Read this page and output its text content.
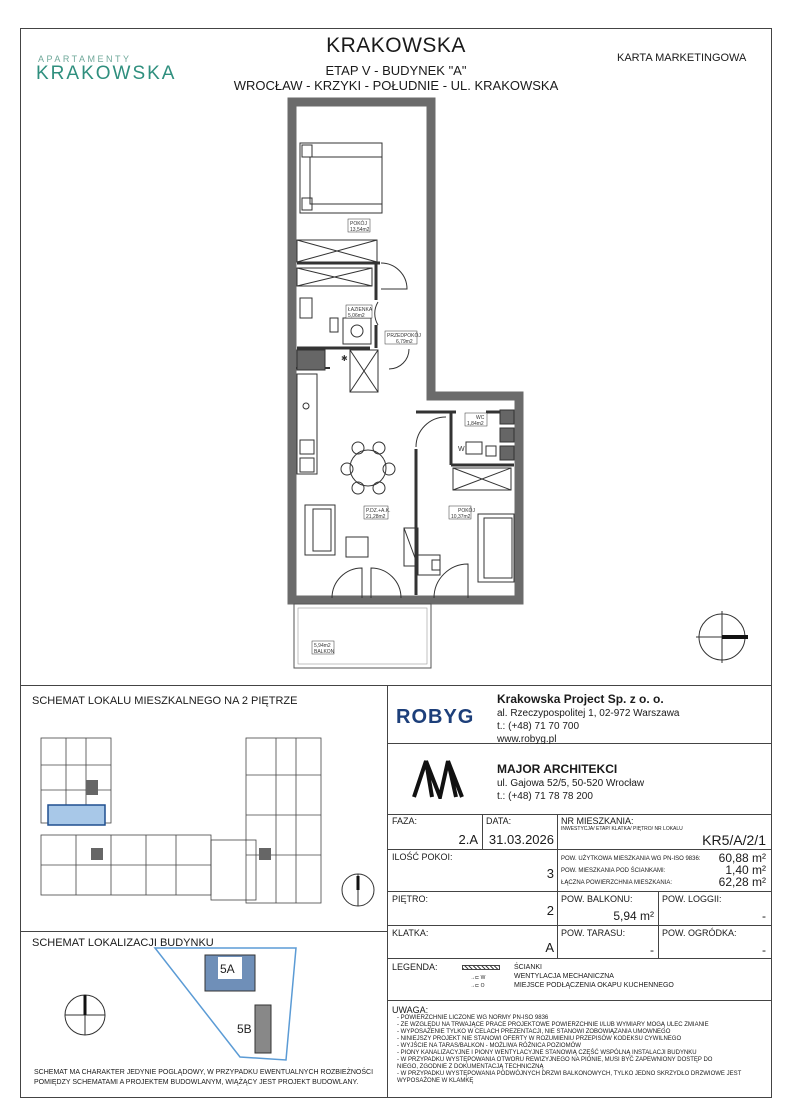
APARTAMENTY
KRAKOWSKA
KRAKOWSKA
ETAP V - BUDYNEK "A"
WROCŁAW - KRZYKI - POŁUDNIE - UL. KRAKOWSKA
KARTA MARKETINGOWA
✱
W
POKÓJ
13,54m2
ŁAZIENKA
5,06m2
PRZEDPOKÓJ
6,79m2
WC
1,84m2
P.DZ.+A.K.
21,28m2
POKÓJ
10,37m2
5,94m2
BALKON
SCHEMAT LOKALU MIESZKALNEGO NA 2 PIĘTRZE
SCHEMAT LOKALIZACJI BUDYNKU
5A
5B
SCHEMAT MA CHARAKTER JEDYNIE POGLĄDOWY, W PRZYPADKU EWENTUALNYCH ROZBIEŻNOŚCI
POMIĘDZY SCHEMATAMI A PROJEKTEM BUDOWLANYM, WIĄŻĄCY JEST PROJEKT BUDOWLANY.
ROBYG
Krakowska Project Sp. z o. o.
al. Rzeczypospolitej 1, 02-972 Warszawa
t.: (+48) 71 70 700
www.robyg.pl
MAJOR ARCHITEKCI
ul. Gajowa 52/5, 50-520 Wrocław
t.: (+48) 71 78 78 200
FAZA:
2.A
DATA:
31.03.2026
NR MIESZKANIA:
INWESTYCJA/ ETAP/ KLATKA/ PIĘTRO/ NR LOKALU
KR5/A/2/1
ILOŚĆ POKOI:
3
POW. UŻYTKOWA MIESZKANIA WG PN-ISO 9836:	60,88 m²
POW. MIESZKANIA POD ŚCIANKAMI:	1,40 m²
ŁĄCZNA POWIERZCHNIA MIESZKANIA:	62,28 m²
PIĘTRO:
2
POW. BALKONU:
5,94 m²
POW. LOGGII:
-
KLATKA:
A
POW. TARASU:
-
POW. OGRÓDKA:
-
LEGENDA:
→⊏ W
→⊏ O
ŚCIANKI
WENTYLACJA MECHANICZNA
MIEJSCE PODŁĄCZENIA OKAPU KUCHENNEGO
UWAGA:
- POWIERZCHNIE LICZONE WG NORMY PN-ISO 9836
- ZE WZGLĘDU NA TRWAJĄCE PRACE PROJEKTOWE POWIERZCHNIE I/LUB WYMIARY MOGĄ ULEC ZMIANIE
- WYPOSAŻENIE TYLKO W CELACH PREZENTACJI, NIE STANOWI ZOBOWIĄZANIA UMOWNEGO
- NINIEJSZY PROJEKT NIE STANOWI OFERTY W ROZUMIENIU PRZEPISÓW KODEKSU CYWILNEGO
- WYJŚCIE NA TARAS/BALKON - MOŻLIWA RÓŻNICA POZIOMÓW
- PIONY KANALIZACYJNE I PIONY WENTYLACYJNE STANOWIĄ CZĘŚĆ WSPÓLNĄ INSTALACJI BUDYNKU
- W PRZYPADKU WYSTĘPOWANIA OTWORU REWIZYJNEGO NA PIONIE, MUSI BYĆ ZAPEWNIONY DOSTĘP DO
NIEGO, ZGODNIE Z DOKUMENTACJĄ TECHNICZNĄ
- W PRZYPADKU WYSTĘPOWANIA PODWÓJNYCH DRZWI BALKONOWYCH, TYLKO JEDNO SKRZYDŁO DRZWIOWE JEST
WYPOSAŻONE W KLAMKĘ
